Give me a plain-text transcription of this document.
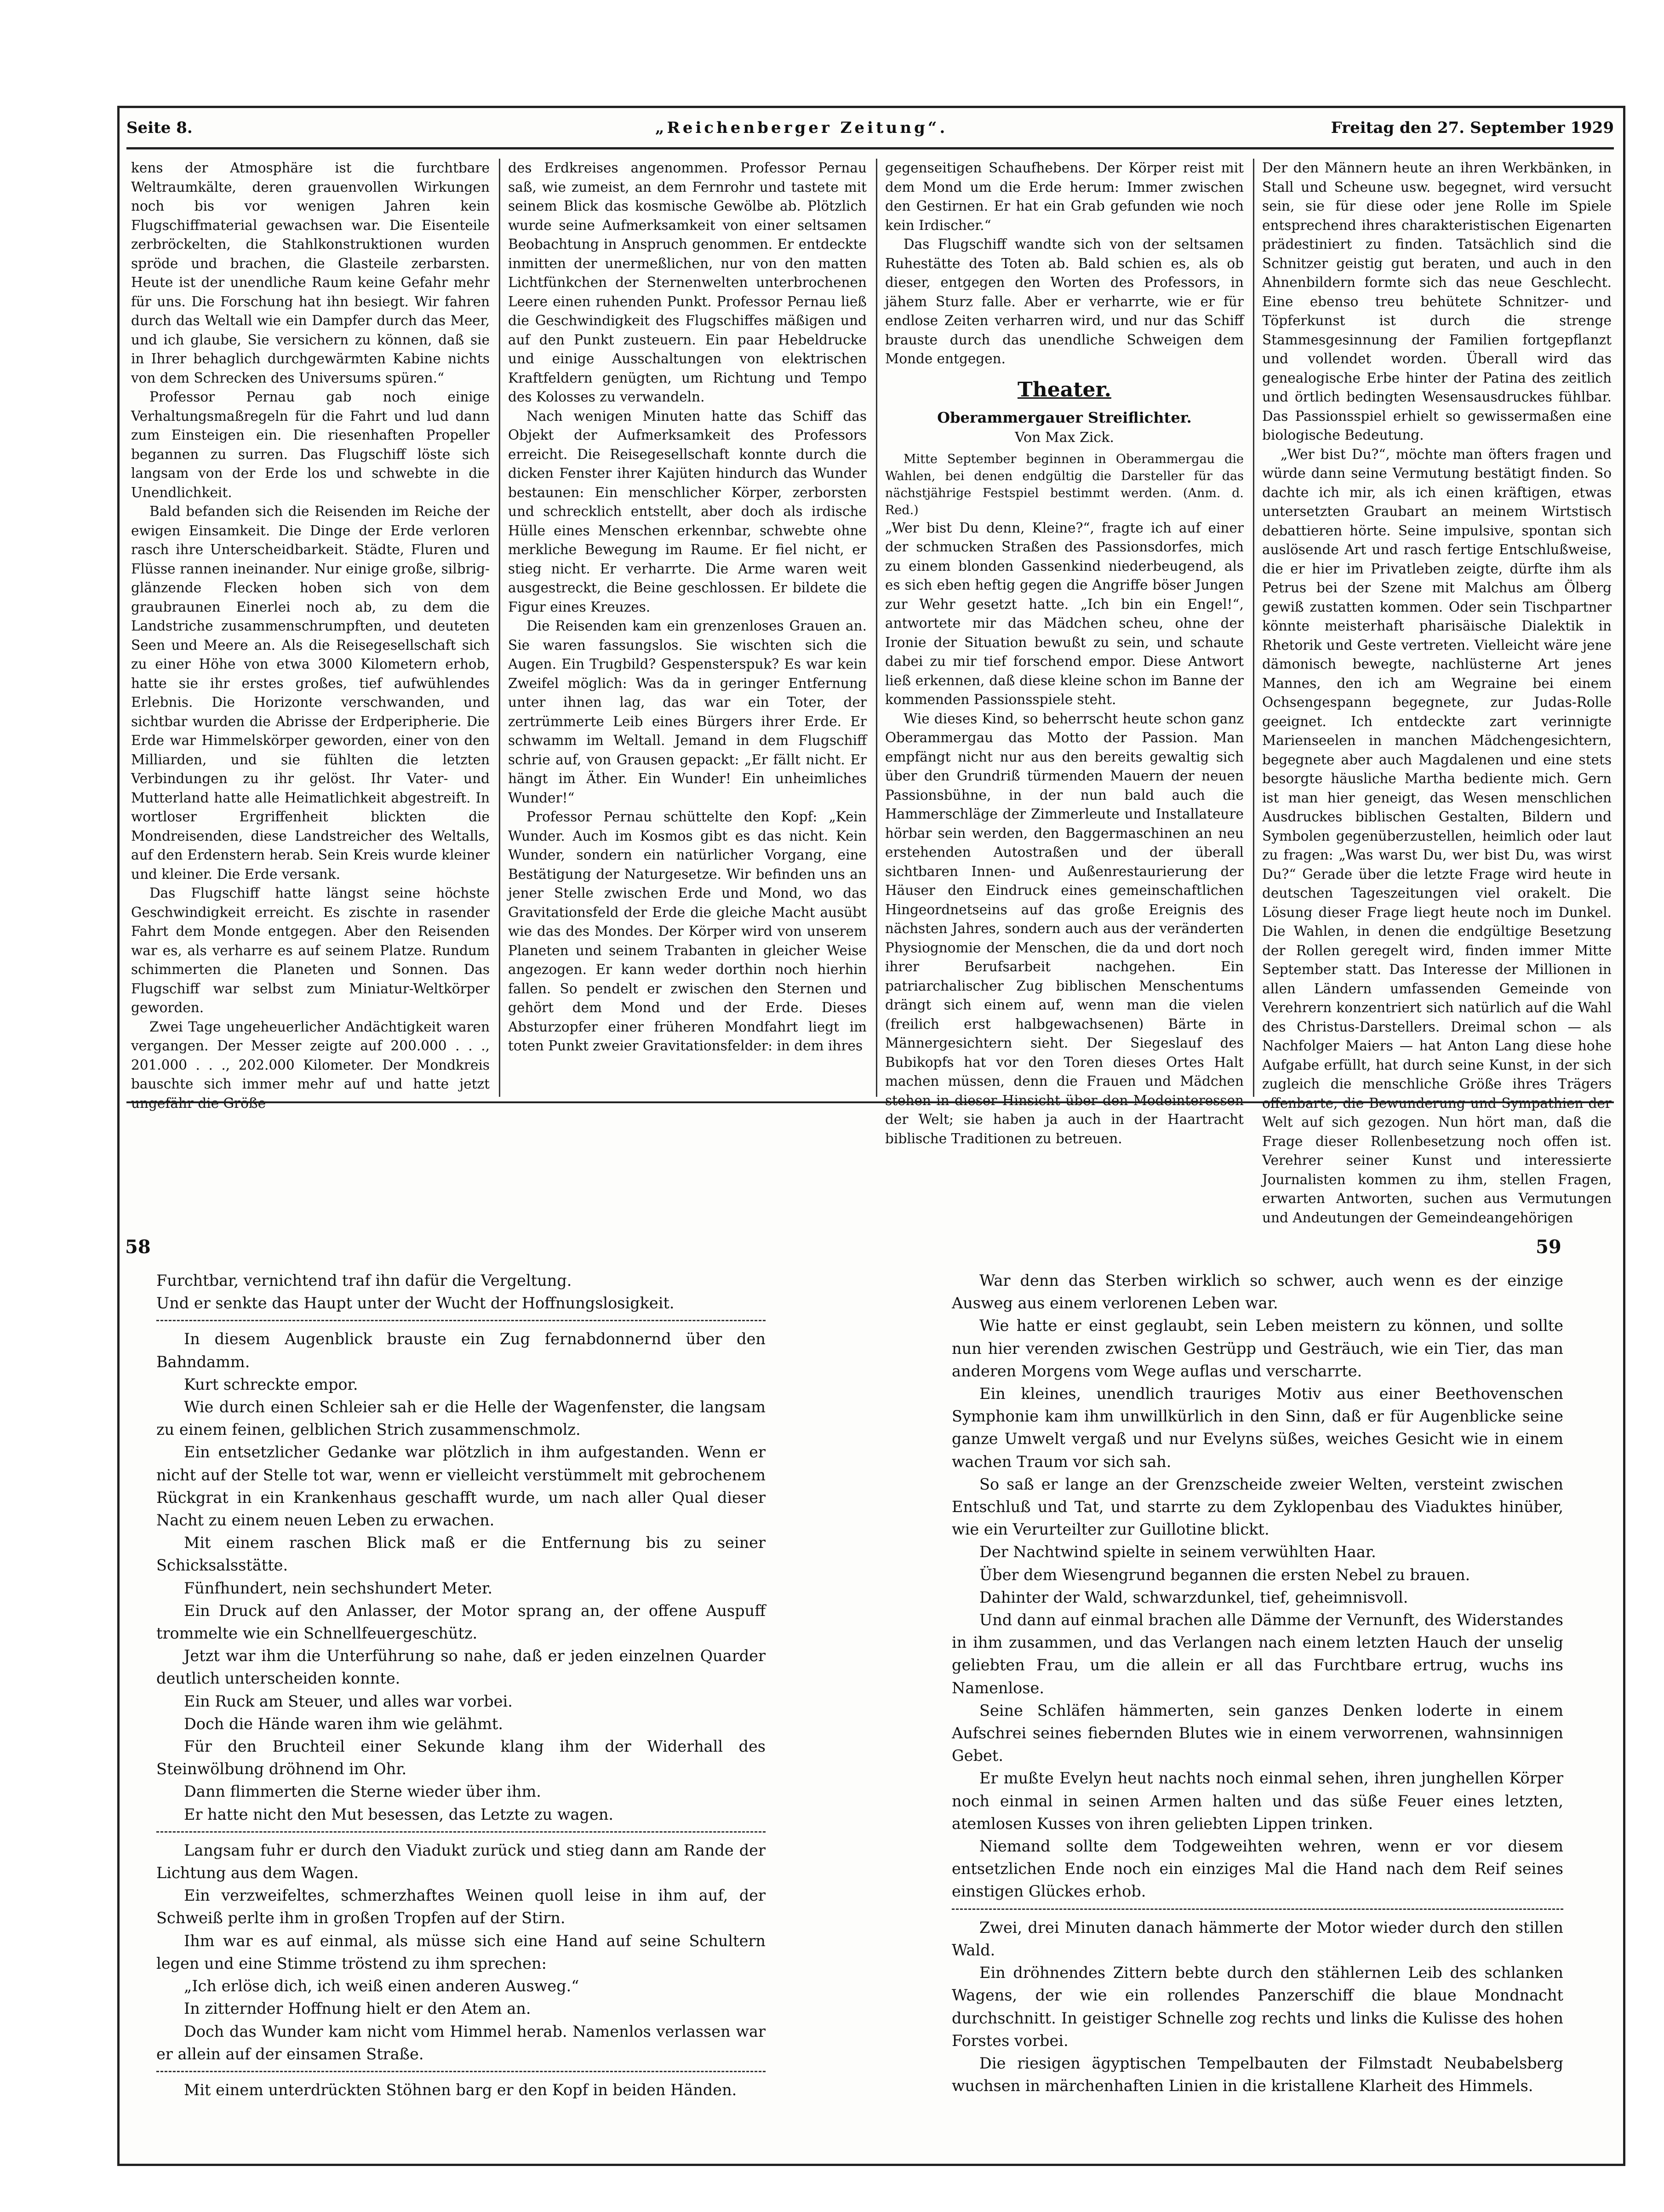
Seite 8.	„Reichenberger Zeitung“.	Freitag den 27. September 1929

kens der Atmosphäre ist die furchtbare Weltraumkälte, deren grauenvollen Wirkungen noch bis vor wenigen Jahren kein Flugschiffmaterial gewachsen war. Die Eisenteile zerbröckelten, die Stahlkonstruktionen wurden spröde und brachen, die Glasteile zerbarsten. Heute ist der unendliche Raum keine Gefahr mehr für uns. Die Forschung hat ihn besiegt. Wir fahren durch das Weltall wie ein Dampfer durch das Meer, und ich glaube, Sie versichern zu können, daß sie in Ihrer behaglich durchgewärmten Kabine nichts von dem Schrecken des Universums spüren.“

Professor Pernau gab noch einige Verhaltungsmaßregeln für die Fahrt und lud dann zum Einsteigen ein. Die riesenhaften Propeller begannen zu surren. Das Flugschiff löste sich langsam von der Erde los und schwebte in die Unendlichkeit.

Bald befanden sich die Reisenden im Reiche der ewigen Einsamkeit. Die Dinge der Erde verloren rasch ihre Unterscheidbarkeit. Städte, Fluren und Flüsse rannen ineinander. Nur einige große, silbrig-glänzende Flecken hoben sich von dem graubraunen Einerlei noch ab, zu dem die Landstriche zusammenschrumpften, und deuteten Seen und Meere an. Als die Reisegesellschaft sich zu einer Höhe von etwa 3000 Kilometern erhob, hatte sie ihr erstes großes, tief aufwühlendes Erlebnis. Die Horizonte verschwanden, und sichtbar wurden die Abrisse der Erdperipherie. Die Erde war Himmelskörper geworden, einer von den Milliarden, und sie fühlten die letzten Verbindungen zu ihr gelöst. Ihr Vater- und Mutterland hatte alle Heimatlichkeit abgestreift. In wortloser Ergriffenheit blickten die Mondreisenden, diese Landstreicher des Weltalls, auf den Erdenstern herab. Sein Kreis wurde kleiner und kleiner. Die Erde versank.

Das Flugschiff hatte längst seine höchste Geschwindigkeit erreicht. Es zischte in rasender Fahrt dem Monde entgegen. Aber den Reisenden war es, als verharre es auf seinem Platze. Rundum schimmerten die Planeten und Sonnen. Das Flugschiff war selbst zum Miniatur-Weltkörper geworden.

Zwei Tage ungeheuerlicher Andächtigkeit waren vergangen. Der Messer zeigte auf 200.000 . . ., 201.000 . . ., 202.000 Kilometer. Der Mondkreis bauschte sich immer mehr auf und hatte jetzt ungefähr die Größe

des Erdkreises angenommen. Professor Pernau saß, wie zumeist, an dem Fernrohr und tastete mit seinem Blick das kosmische Gewölbe ab. Plötzlich wurde seine Aufmerksamkeit von einer seltsamen Beobachtung in Anspruch genommen. Er entdeckte inmitten der unermeßlichen, nur von den matten Lichtfünkchen der Sternenwelten unterbrochenen Leere einen ruhenden Punkt. Professor Pernau ließ die Geschwindigkeit des Flugschiffes mäßigen und auf den Punkt zusteuern. Ein paar Hebeldrucke und einige Ausschaltungen von elektrischen Kraftfeldern genügten, um Richtung und Tempo des Kolosses zu verwandeln.

Nach wenigen Minuten hatte das Schiff das Objekt der Aufmerksamkeit des Professors erreicht. Die Reisegesellschaft konnte durch die dicken Fenster ihrer Kajüten hindurch das Wunder bestaunen: Ein menschlicher Körper, zerborsten und schrecklich entstellt, aber doch als irdische Hülle eines Menschen erkennbar, schwebte ohne merkliche Bewegung im Raume. Er fiel nicht, er stieg nicht. Er verharrte. Die Arme waren weit ausgestreckt, die Beine geschlossen. Er bildete die Figur eines Kreuzes.

Die Reisenden kam ein grenzenloses Grauen an. Sie waren fassungslos. Sie wischten sich die Augen. Ein Trugbild? Gespensterspuk? Es war kein Zweifel möglich: Was da in geringer Entfernung unter ihnen lag, das war ein Toter, der zertrümmerte Leib eines Bürgers ihrer Erde. Er schwamm im Weltall. Jemand in dem Flugschiff schrie auf, von Grausen gepackt: „Er fällt nicht. Er hängt im Äther. Ein Wunder! Ein unheimliches Wunder!“

Professor Pernau schüttelte den Kopf: „Kein Wunder. Auch im Kosmos gibt es das nicht. Kein Wunder, sondern ein natürlicher Vorgang, eine Bestätigung der Naturgesetze. Wir befinden uns an jener Stelle zwischen Erde und Mond, wo das Gravitationsfeld der Erde die gleiche Macht ausübt wie das des Mondes. Der Körper wird von unserem Planeten und seinem Trabanten in gleicher Weise angezogen. Er kann weder dorthin noch hierhin fallen. So pendelt er zwischen den Sternen und gehört dem Mond und der Erde. Dieses Absturzopfer einer früheren Mondfahrt liegt im toten Punkt zweier Gravitationsfelder: in dem ihres

gegenseitigen Schaufhebens. Der Körper reist mit dem Mond um die Erde herum: Immer zwischen den Gestirnen. Er hat ein Grab gefunden wie noch kein Irdischer.“

Das Flugschiff wandte sich von der seltsamen Ruhestätte des Toten ab. Bald schien es, als ob dieser, entgegen den Worten des Professors, in jähem Sturz falle. Aber er verharrte, wie er für endlose Zeiten verharren wird, und nur das Schiff brauste durch das unendliche Schweigen dem Monde entgegen.

Theater.
Oberammergauer Streiflichter.
Von Max Zick.

Mitte September beginnen in Oberammergau die Wahlen, bei denen endgültig die Darsteller für das nächstjährige Festspiel bestimmt werden. (Anm. d. Red.)

„Wer bist Du denn, Kleine?“, fragte ich auf einer der schmucken Straßen des Passionsdorfes, mich zu einem blonden Gassenkind niederbeugend, als es sich eben heftig gegen die Angriffe böser Jungen zur Wehr gesetzt hatte. „Ich bin ein Engel!“, antwortete mir das Mädchen scheu, ohne der Ironie der Situation bewußt zu sein, und schaute dabei zu mir tief forschend empor. Diese Antwort ließ erkennen, daß diese kleine schon im Banne der kommenden Passionsspiele steht.

Wie dieses Kind, so beherrscht heute schon ganz Oberammergau das Motto der Passion. Man empfängt nicht nur aus den bereits gewaltig sich über den Grundriß türmenden Mauern der neuen Passionsbühne, in der nun bald auch die Hammerschläge der Zimmerleute und Installateure hörbar sein werden, den Baggermaschinen an neu erstehenden Autostraßen und der überall sichtbaren Innen- und Außenrestaurierung der Häuser den Eindruck eines gemeinschaftlichen Hingeordnetseins auf das große Ereignis des nächsten Jahres, sondern auch aus der veränderten Physiognomie der Menschen, die da und dort noch ihrer Berufsarbeit nachgehen. Ein patriarchalischer Zug biblischen Menschentums drängt sich einem auf, wenn man die vielen (freilich erst halbgewachsenen) Bärte in Männergesichtern sieht. Der Siegeslauf des Bubikopfs hat vor den Toren dieses Ortes Halt machen müssen, denn die Frauen und Mädchen stehen in dieser Hinsicht über den Modeinteressen der Welt; sie haben ja auch in der Haartracht biblische Traditionen zu betreuen.

Der den Männern heute an ihren Werkbänken, in Stall und Scheune usw. begegnet, wird versucht sein, sie für diese oder jene Rolle im Spiele entsprechend ihres charakteristischen Eigenarten prädestiniert zu finden. Tatsächlich sind die Schnitzer geistig gut beraten, und auch in den Ahnenbildern formte sich das neue Geschlecht. Eine ebenso treu behütete Schnitzer- und Töpferkunst ist durch die strenge Stammesgesinnung der Familien fortgepflanzt und vollendet worden. Überall wird das genealogische Erbe hinter der Patina des zeitlich und örtlich bedingten Wesensausdruckes fühlbar. Das Passionsspiel erhielt so gewissermaßen eine biologische Bedeutung.

„Wer bist Du?“, möchte man öfters fragen und würde dann seine Vermutung bestätigt finden. So dachte ich mir, als ich einen kräftigen, etwas untersetzten Graubart an meinem Wirtstisch debattieren hörte. Seine impulsive, spontan sich auslösende Art und rasch fertige Entschlußweise, die er hier im Privatleben zeigte, dürfte ihm als Petrus bei der Szene mit Malchus am Ölberg gewiß zustatten kommen. Oder sein Tischpartner könnte meisterhaft pharisäische Dialektik in Rhetorik und Geste vertreten. Vielleicht wäre jene dämonisch bewegte, nachlüsterne Art jenes Mannes, den ich am Wegraine bei einem Ochsengespann begegnete, zur Judas-Rolle geeignet. Ich entdeckte zart verinnigte Marienseelen in manchen Mädchengesichtern, begegnete aber auch Magdalenen und eine stets besorgte häusliche Martha bediente mich. Gern ist man hier geneigt, das Wesen menschlichen Ausdruckes biblischen Gestalten, Bildern und Symbolen gegenüberzustellen, heimlich oder laut zu fragen: „Was warst Du, wer bist Du, was wirst Du?“ Gerade über die letzte Frage wird heute in deutschen Tageszeitungen viel orakelt. Die Lösung dieser Frage liegt heute noch im Dunkel. Die Wahlen, in denen die endgültige Besetzung der Rollen geregelt wird, finden immer Mitte September statt. Das Interesse der Millionen in allen Ländern umfassenden Gemeinde von Verehrern konzentriert sich natürlich auf die Wahl des Christus-Darstellers. Dreimal schon — als Nachfolger Maiers — hat Anton Lang diese hohe Aufgabe erfüllt, hat durch seine Kunst, in der sich zugleich die menschliche Größe ihres Trägers offenbarte, die Bewunderung und Sympathien der Welt auf sich gezogen. Nun hört man, daß die Frage dieser Rollenbesetzung noch offen ist. Verehrer seiner Kunst und interessierte Journalisten kommen zu ihm, stellen Fragen, erwarten Antworten, suchen aus Vermutungen und Andeutungen der Gemeindeangehörigen

58	59

Furchtbar, vernichtend traf ihn dafür die Vergeltung.

Und er senkte das Haupt unter der Wucht der Hoffnungslosigkeit.

In diesem Augenblick brauste ein Zug fernabdonnernd über den Bahndamm.

Kurt schreckte empor.

Wie durch einen Schleier sah er die Helle der Wagenfenster, die langsam zu einem feinen, gelblichen Strich zusammenschmolz.

Ein entsetzlicher Gedanke war plötzlich in ihm aufgestanden. Wenn er nicht auf der Stelle tot war, wenn er vielleicht verstümmelt mit gebrochenem Rückgrat in ein Krankenhaus geschafft wurde, um nach aller Qual dieser Nacht zu einem neuen Leben zu erwachen.

Mit einem raschen Blick maß er die Entfernung bis zu seiner Schicksalsstätte.

Fünfhundert, nein sechshundert Meter.

Ein Druck auf den Anlasser, der Motor sprang an, der offene Auspuff trommelte wie ein Schnellfeuergeschütz.

Jetzt war ihm die Unterführung so nahe, daß er jeden einzelnen Quarder deutlich unterscheiden konnte.

Ein Ruck am Steuer, und alles war vorbei.

Doch die Hände waren ihm wie gelähmt.

Für den Bruchteil einer Sekunde klang ihm der Widerhall des Steinwölbung dröhnend im Ohr.

Dann flimmerten die Sterne wieder über ihm.

Er hatte nicht den Mut besessen, das Letzte zu wagen.

Langsam fuhr er durch den Viadukt zurück und stieg dann am Rande der Lichtung aus dem Wagen.

Ein verzweifeltes, schmerzhaftes Weinen quoll leise in ihm auf, der Schweiß perlte ihm in großen Tropfen auf der Stirn.

Ihm war es auf einmal, als müsse sich eine Hand auf seine Schultern legen und eine Stimme tröstend zu ihm sprechen:

„Ich erlöse dich, ich weiß einen anderen Ausweg.“

In zitternder Hoffnung hielt er den Atem an.

Doch das Wunder kam nicht vom Himmel herab. Namenlos verlassen war er allein auf der einsamen Straße.

Mit einem unterdrückten Stöhnen barg er den Kopf in beiden Händen.

War denn das Sterben wirklich so schwer, auch wenn es der einzige Ausweg aus einem verlorenen Leben war.

Wie hatte er einst geglaubt, sein Leben meistern zu können, und sollte nun hier verenden zwischen Gestrüpp und Gesträuch, wie ein Tier, das man anderen Morgens vom Wege auflas und verscharrte.

Ein kleines, unendlich trauriges Motiv aus einer Beethovenschen Symphonie kam ihm unwillkürlich in den Sinn, daß er für Augenblicke seine ganze Umwelt vergaß und nur Evelyns süßes, weiches Gesicht wie in einem wachen Traum vor sich sah.

So saß er lange an der Grenzscheide zweier Welten, versteint zwischen Entschluß und Tat, und starrte zu dem Zyklopenbau des Viaduktes hinüber, wie ein Verurteilter zur Guillotine blickt.

Der Nachtwind spielte in seinem verwühlten Haar.

Über dem Wiesengrund begannen die ersten Nebel zu brauen.

Dahinter der Wald, schwarzdunkel, tief, geheimnisvoll.

Und dann auf einmal brachen alle Dämme der Vernunft, des Widerstandes in ihm zusammen, und das Verlangen nach einem letzten Hauch der unselig geliebten Frau, um die allein er all das Furchtbare ertrug, wuchs ins Namenlose.

Seine Schläfen hämmerten, sein ganzes Denken loderte in einem Aufschrei seines fiebernden Blutes wie in einem verworrenen, wahnsinnigen Gebet.

Er mußte Evelyn heut nachts noch einmal sehen, ihren junghellen Körper noch einmal in seinen Armen halten und das süße Feuer eines letzten, atemlosen Kusses von ihren geliebten Lippen trinken.

Niemand sollte dem Todgeweihten wehren, wenn er vor diesem entsetzlichen Ende noch ein einziges Mal die Hand nach dem Reif seines einstigen Glückes erhob.

Zwei, drei Minuten danach hämmerte der Motor wieder durch den stillen Wald.

Ein dröhnendes Zittern bebte durch den stählernen Leib des schlanken Wagens, der wie ein rollendes Panzerschiff die blaue Mondnacht durchschnitt. In geistiger Schnelle zog rechts und links die Kulisse des hohen Forstes vorbei.

Die riesigen ägyptischen Tempelbauten der Filmstadt Neubabelsberg wuchsen in märchenhaften Linien in die kristallene Klarheit des Himmels.
